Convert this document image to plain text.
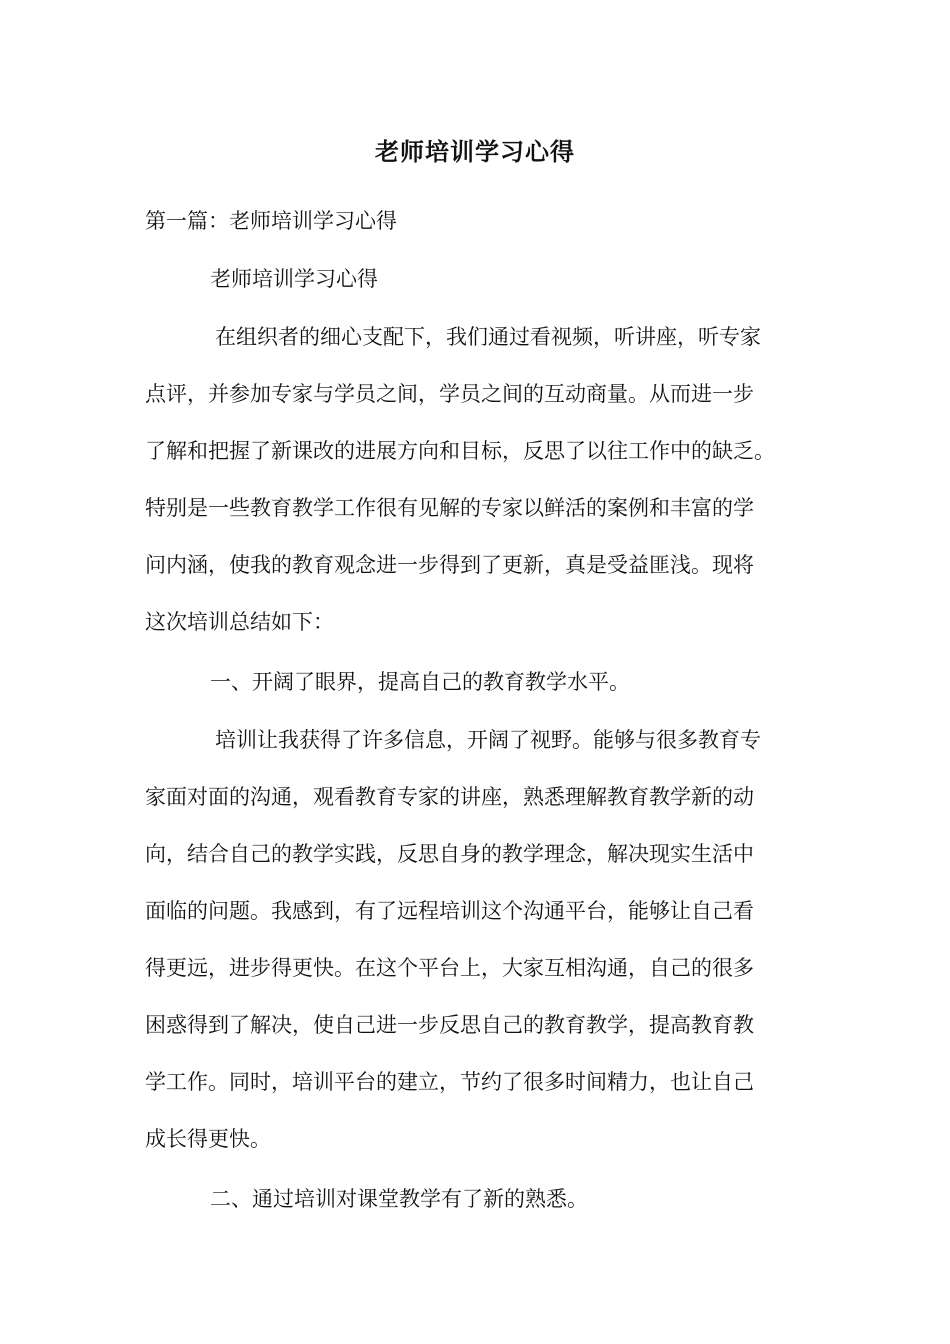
老师培训学习心得
第一篇：老师培训学习心得
老师培训学习心得
在组织者的细心支配下，我们通过看视频，听讲座，听专家
点评，并参加专家与学员之间，学员之间的互动商量。从而进一步
了解和把握了新课改的进展方向和目标，反思了以往工作中的缺乏。
特别是一些教育教学工作很有见解的专家以鲜活的案例和丰富的学
问内涵，使我的教育观念进一步得到了更新，真是受益匪浅。现将
这次培训总结如下：
一、开阔了眼界，提高自己的教育教学水平。
培训让我获得了许多信息，开阔了视野。能够与很多教育专
家面对面的沟通，观看教育专家的讲座，熟悉理解教育教学新的动
向，结合自己的教学实践，反思自身的教学理念，解决现实生活中
面临的问题。我感到，有了远程培训这个沟通平台，能够让自己看
得更远，进步得更快。在这个平台上，大家互相沟通，自己的很多
困惑得到了解决，使自己进一步反思自己的教育教学，提高教育教
学工作。同时，培训平台的建立，节约了很多时间精力，也让自己
成长得更快。
二、通过培训对课堂教学有了新的熟悉。
